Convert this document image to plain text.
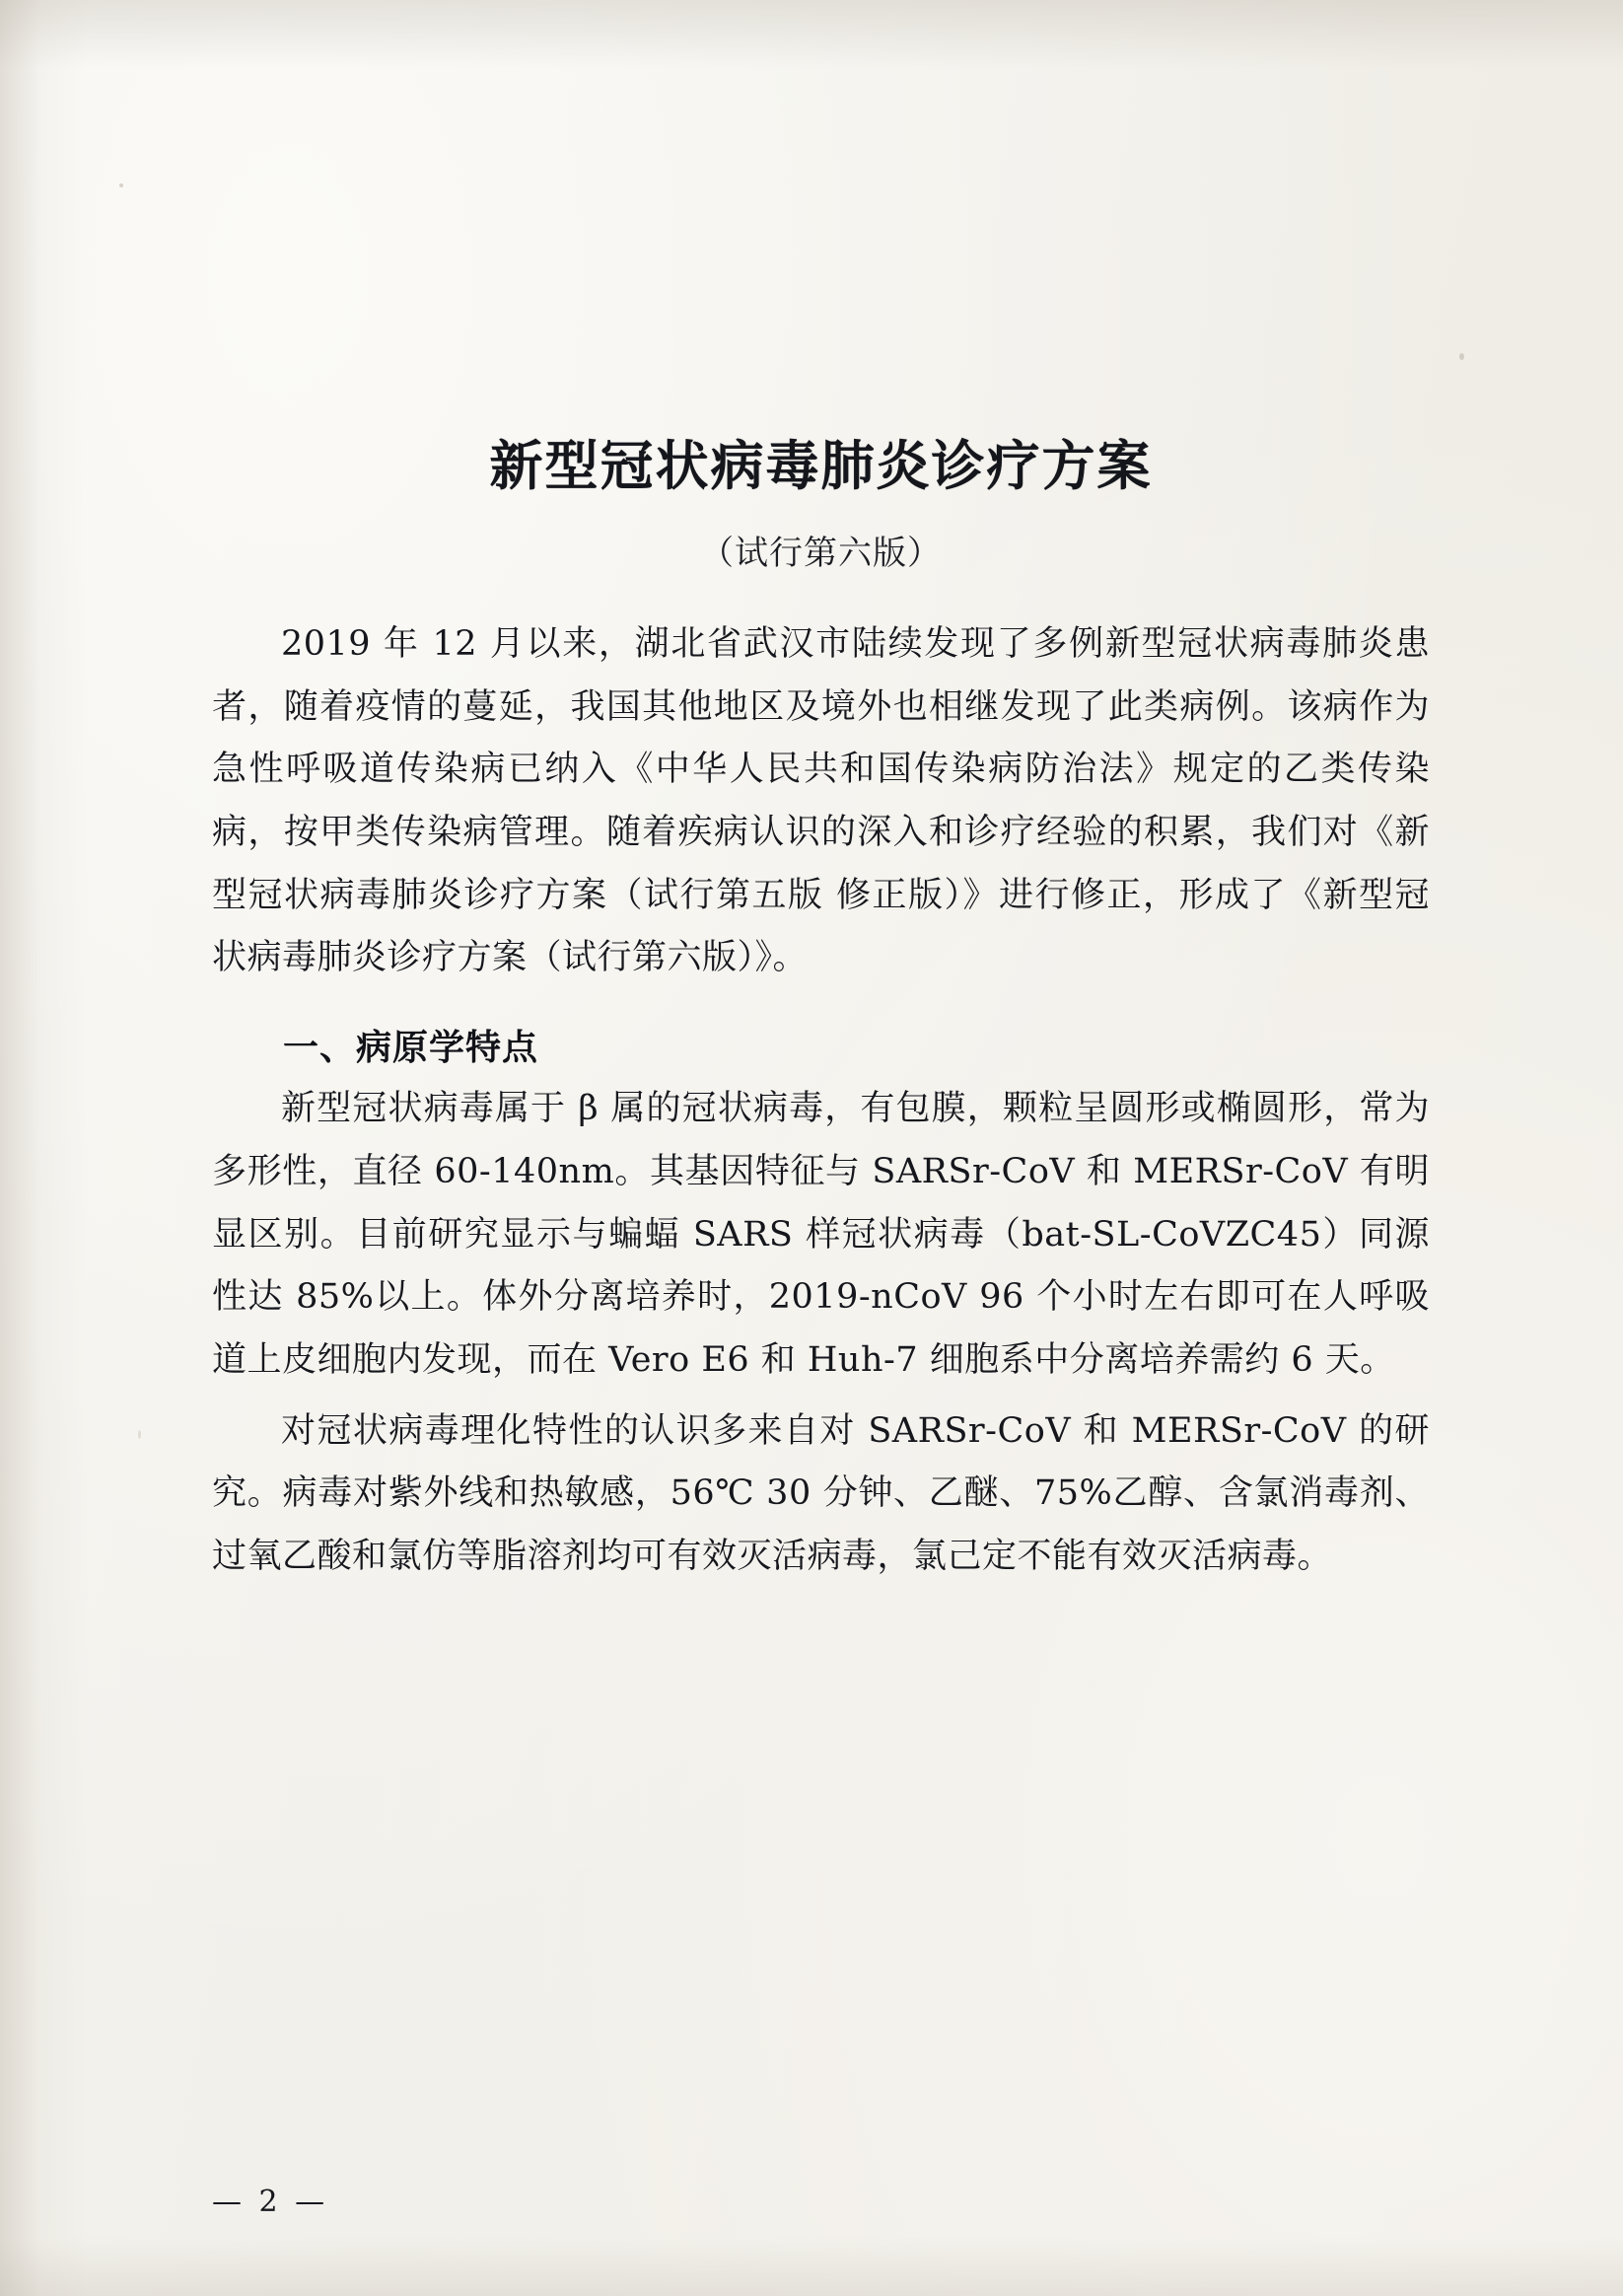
新型冠状病毒肺炎诊疗方案
（试行第六版）

2019 年 12 月以来，湖北省武汉市陆续发现了多例新型冠状病毒肺炎患者，随着疫情的蔓延，我国其他地区及境外也相继发现了此类病例。该病作为急性呼吸道传染病已纳入《中华人民共和国传染病防治法》规定的乙类传染病，按甲类传染病管理。随着疾病认识的深入和诊疗经验的积累，我们对《新型冠状病毒肺炎诊疗方案（试行第五版 修正版）》进行修正，形成了《新型冠状病毒肺炎诊疗方案（试行第六版）》。

一、病原学特点

新型冠状病毒属于 β 属的冠状病毒，有包膜，颗粒呈圆形或椭圆形，常为多形性，直径 60-140nm。其基因特征与 SARSr-CoV 和 MERSr-CoV 有明显区别。目前研究显示与蝙蝠 SARS 样冠状病毒（bat-SL-CoVZC45）同源性达 85%以上。体外分离培养时，2019-nCoV 96 个小时左右即可在人呼吸道上皮细胞内发现，而在 Vero E6 和 Huh-7 细胞系中分离培养需约 6 天。

对冠状病毒理化特性的认识多来自对 SARSr-CoV 和 MERSr-CoV 的研究。病毒对紫外线和热敏感，56℃ 30 分钟、乙醚、75%乙醇、含氯消毒剂、过氧乙酸和氯仿等脂溶剂均可有效灭活病毒，氯己定不能有效灭活病毒。

— 2 —
